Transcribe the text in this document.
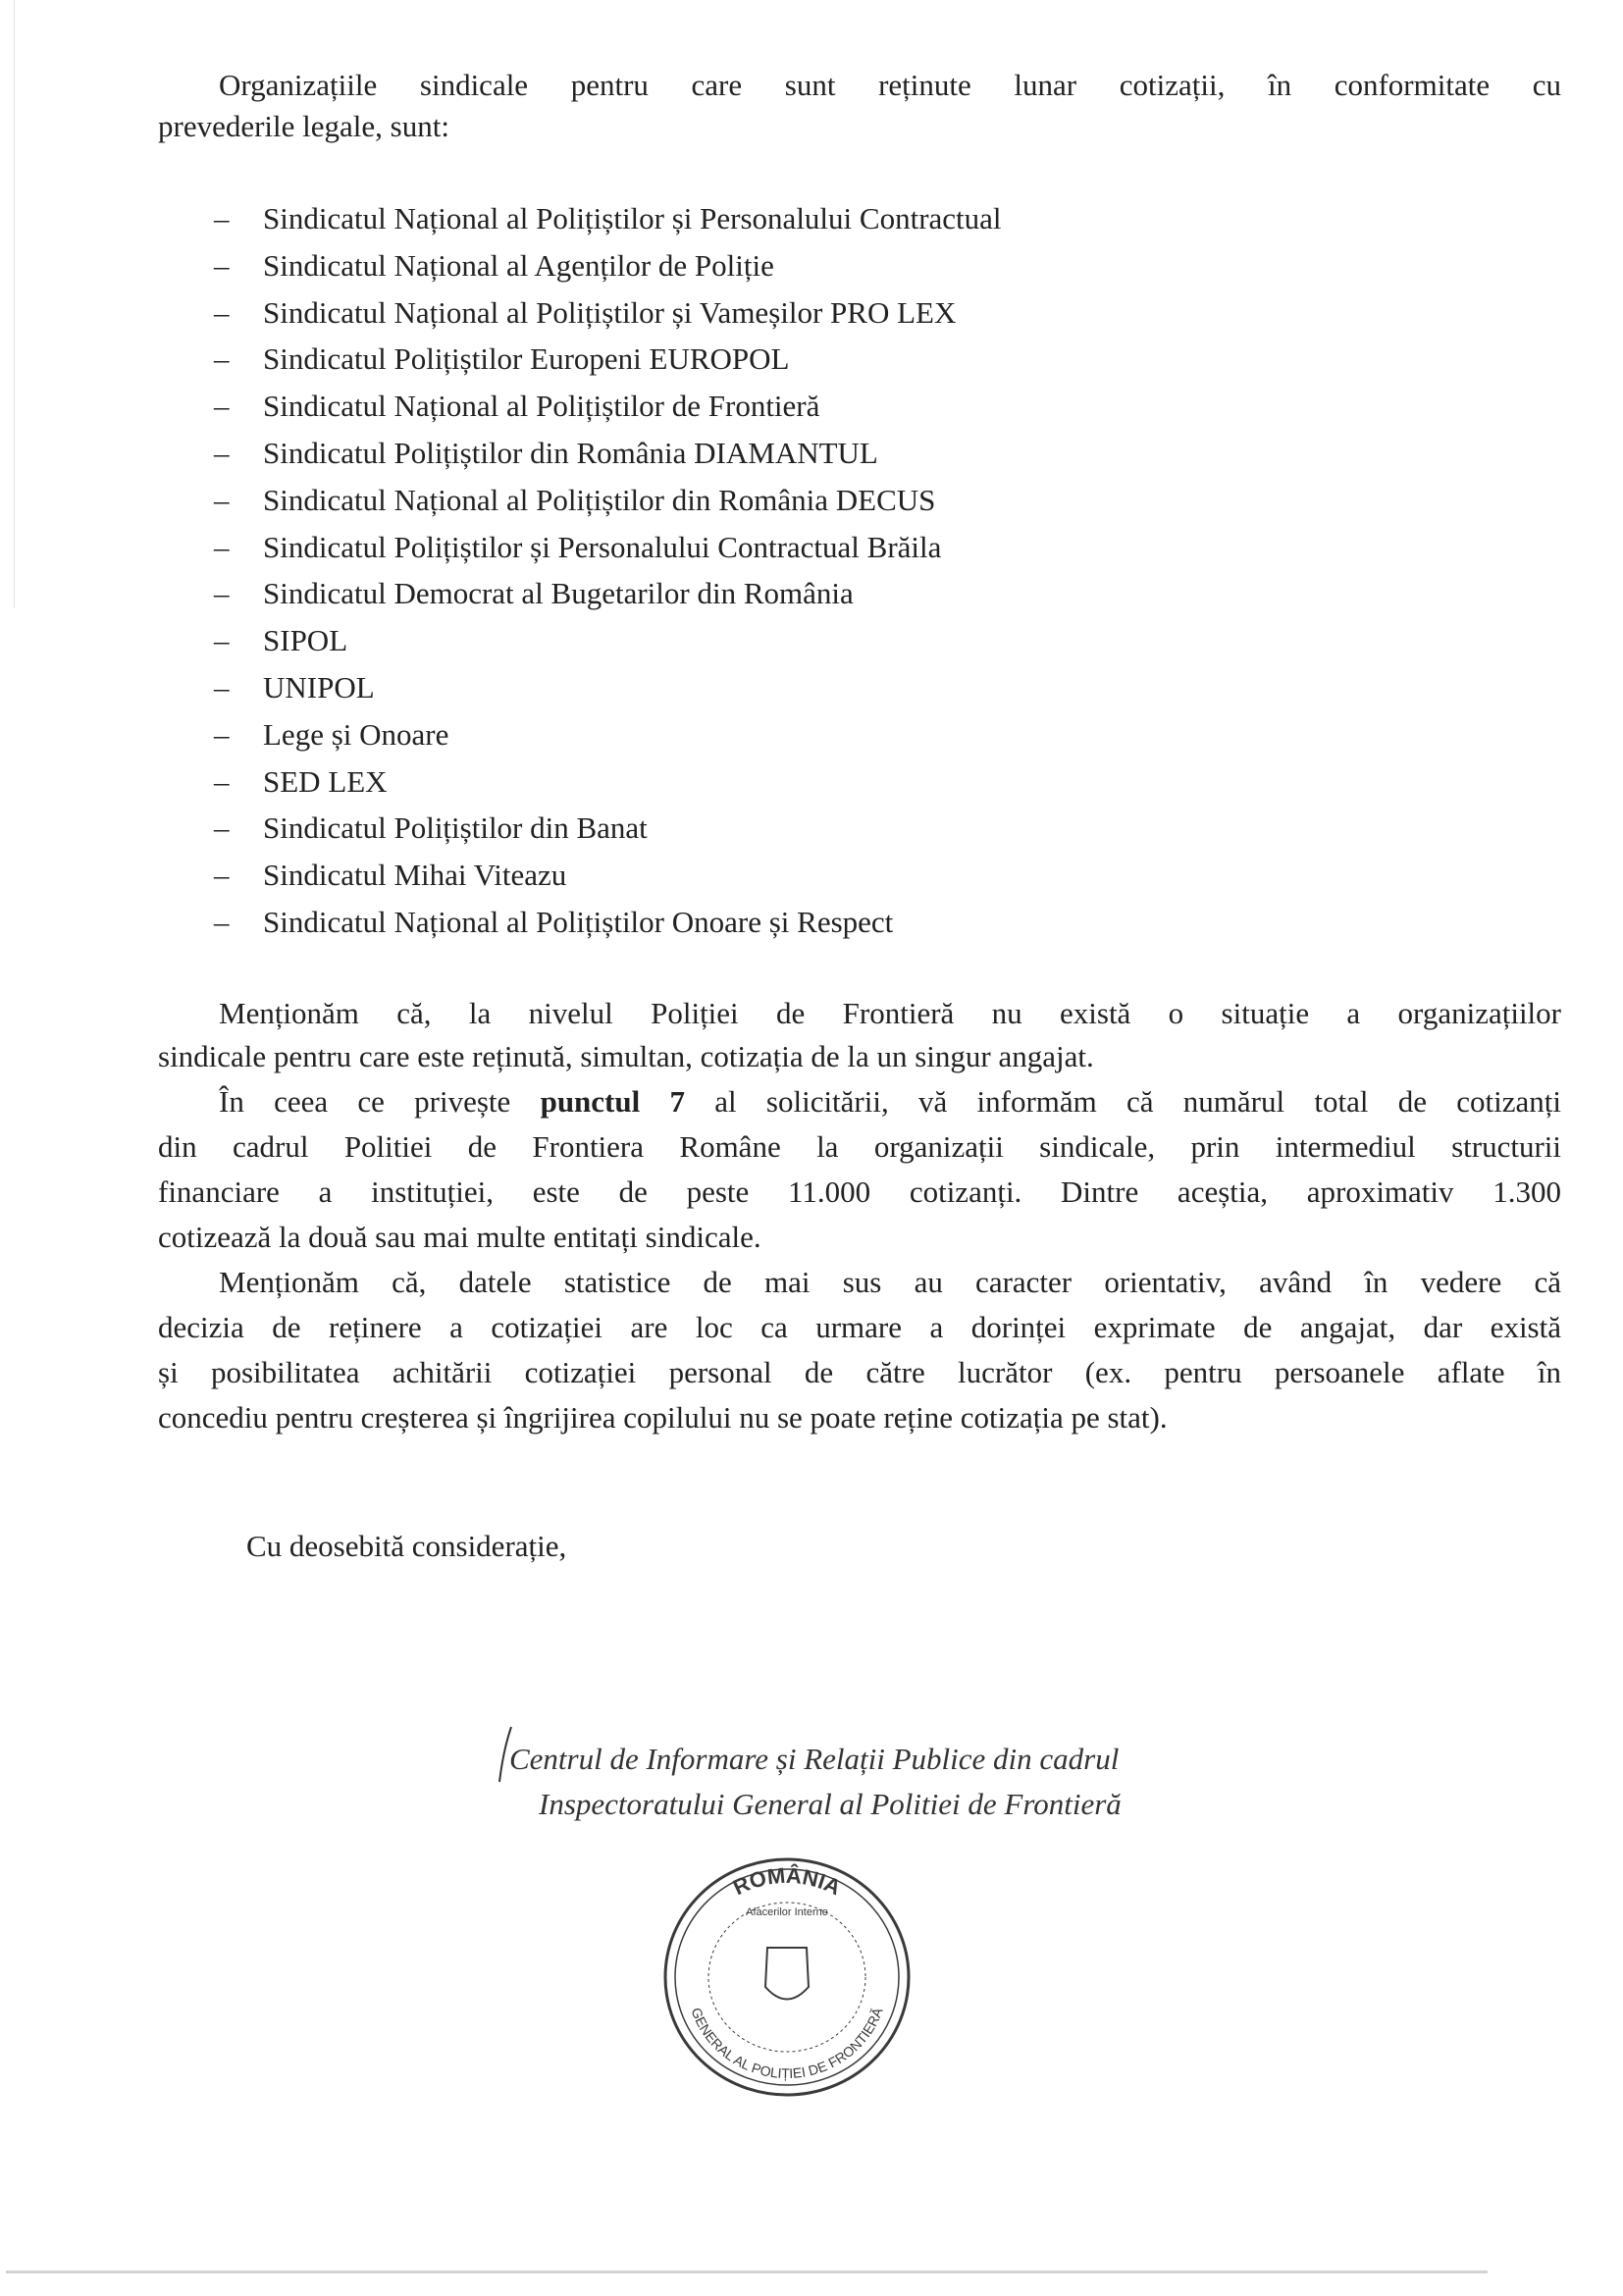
Organizațiile sindicale pentru care sunt reținute lunar cotizații, în conformitate cu
prevederile legale, sunt:
– Sindicatul Național al Polițiștilor și Personalului Contractual
– Sindicatul Național al Agenților de Poliție
– Sindicatul Național al Polițiștilor și Vameșilor PRO LEX
– Sindicatul Polițiștilor Europeni EUROPOL
– Sindicatul Național al Polițiștilor de Frontieră
– Sindicatul Polițiștilor din România DIAMANTUL
– Sindicatul Național al Polițiștilor din România DECUS
– Sindicatul Polițiștilor și Personalului Contractual Brăila
– Sindicatul Democrat al Bugetarilor din România
– SIPOL
– UNIPOL
– Lege și Onoare
– SED LEX
– Sindicatul Polițiștilor din Banat
– Sindicatul Mihai Viteazu
– Sindicatul Național al Polițiștilor Onoare și Respect
Menționăm că, la nivelul Poliției de Frontieră nu există o situație a organizațiilor
sindicale pentru care este reținută, simultan, cotizația de la un singur angajat.
În ceea ce privește punctul 7 al solicitării, vă informăm că numărul total de cotizanți
din cadrul Politiei de Frontiera Române la organizații sindicale, prin intermediul structurii
financiare a instituției, este de peste 11.000 cotizanți. Dintre aceștia, aproximativ 1.300
cotizează la două sau mai multe entitați sindicale.
Menționăm că, datele statistice de mai sus au caracter orientativ, având în vedere că
decizia de reținere a cotizației are loc ca urmare a dorinței exprimate de angajat, dar există
și posibilitatea achitării cotizației personal de către lucrător (ex. pentru persoanele aflate în
concediu pentru creșterea și îngrijirea copilului nu se poate reține cotizația pe stat).
Cu deosebită considerație,
Centrul de Informare și Relații Publice din cadrul
Inspectoratului General al Politiei de Frontieră
ROMÂNIA
GENERAL AL POLIȚIEI DE FRONTIERĂ
Afacerilor Interne
